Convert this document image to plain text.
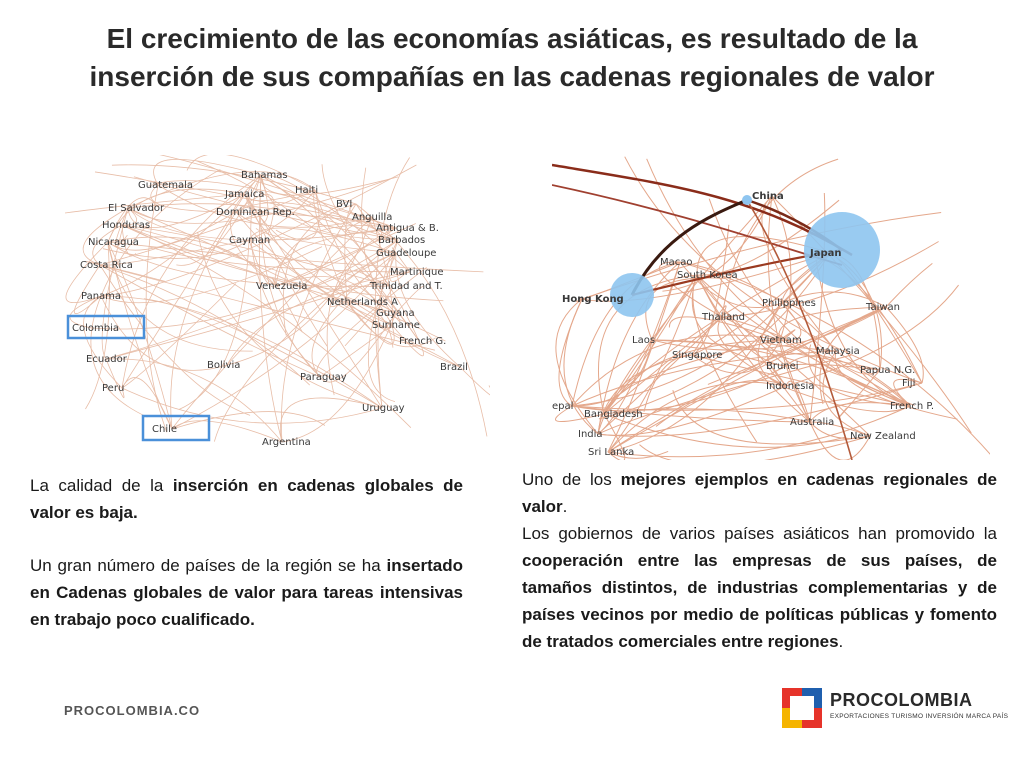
El crecimiento de las economías asiáticas, es resultado de la
inserción de sus compañías en las cadenas regionales de valor
Guatemala
Bahamas
Jamaica	Haiti
BVI
El Salvador	Dominican Rep.	Anguilla
Honduras	Antigua & B.
Cayman	Barbados
Nicaragua
Guadeloupe
Costa Rica
Martinique
Venezuela	Trinidad and T.
Panama
Netherlands A
Guyana
Colombia	Suriname
French G.
Ecuador
Bolivia	Brazil
Paraguay
Peru
Uruguay
Chile
Argentina
China
Japan
Macao
South Korea
Hong Kong	Philippines	Taiwan
Thailand
Laos	Vietnam
Malaysia
Singapore
Brunei	Papua N.G.
Fiji
Indonesia
epal	French P.
Bangladesh
Australia
India	New Zealand
Sri Lanka

La calidad de la inserción en cadenas globales de valor es baja.

Un gran número de países de la región se ha insertado en Cadenas globales de valor para tareas intensivas en trabajo poco cualificado.

Uno de los mejores ejemplos en cadenas regionales de valor.

Los gobiernos de varios países asiáticos han promovido la cooperación entre las empresas de sus países, de tamaños distintos, de industrias complementarias y de países vecinos por medio de políticas públicas y fomento de tratados comerciales entre regiones.

PROCOLOMBIA.CO
PROCOLOMBIA
EXPORTACIONES TURISMO INVERSIÓN MARCA PAÍS
